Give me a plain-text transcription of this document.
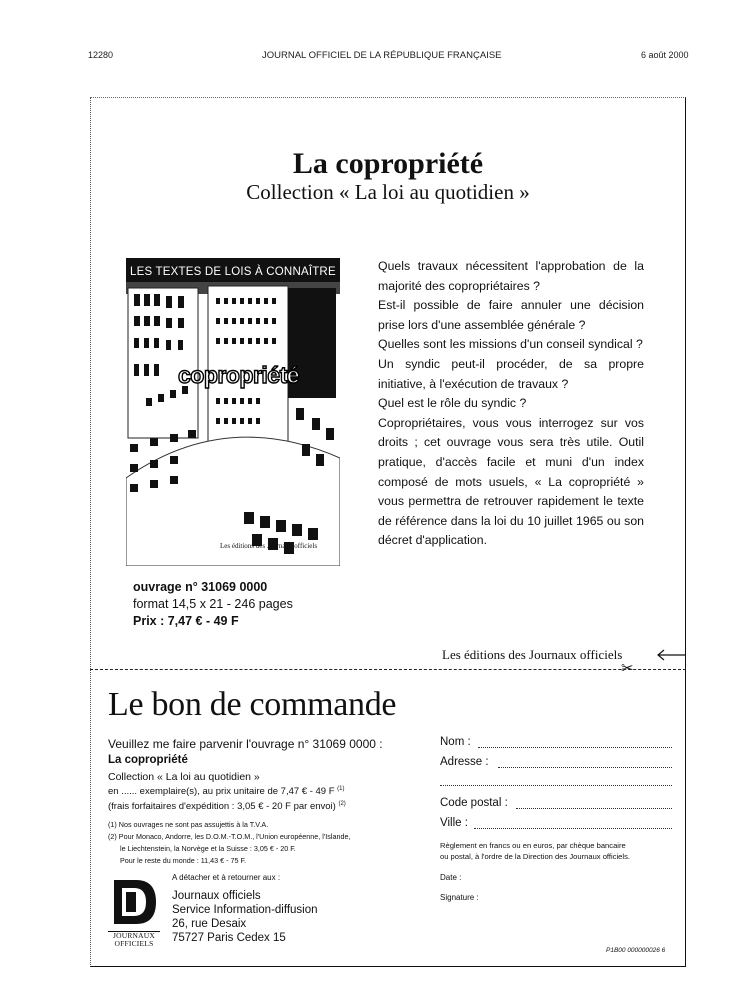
12280	JOURNAL OFFICIEL DE LA RÉPUBLIQUE FRANÇAISE	6 août 2000
La copropriété
Collection « La loi au quotidien »
LES TEXTES DE LOIS À CONNAÎTRE
copropriété
Les éditions des Journaux officiels

Quels travaux nécessitent l'approbation de la majorité des copropriétaires ?

Est-il possible de faire annuler une décision prise lors d'une assemblée générale ?

Quelles sont les missions d'un conseil syndical ?

Un syndic peut-il procéder, de sa propre initiative, à l'exécution de travaux ?

Quel est le rôle du syndic ?

Copropriétaires, vous vous interrogez sur vos droits ; cet ouvrage vous sera très utile. Outil pratique, d'accès facile et muni d'un index composé de mots usuels, « La copropriété » vous permettra de retrouver rapidement le texte de référence dans la loi du 10 juillet 1965 ou son décret d'application.

ouvrage n° 31069 0000
format 14,5 x 21 - 246 pages
Prix : 7,47 € - 49 F
Les éditions des Journaux officiels
✂
Le bon de commande
Veuillez me faire parvenir l'ouvrage n° 31069 0000 :
La copropriété
Collection « La loi au quotidien »
en ...... exemplaire(s), au prix unitaire de 7,47 € - 49 F $^{(1)}$
(frais forfaitaires d'expédition : 3,05 € - 20 F par envoi) $^{(2)}$
(1) Nos ouvrages ne sont pas assujettis à la T.V.A.
(2) Pour Monaco, Andorre, les D.O.M.-T.O.M., l'Union européenne, l'Islande,
le Liechtenstein, la Norvège et la Suisse : 3,05 € - 20 F.
Pour le reste du monde : 11,43 € - 75 F.
A détacher et à retourner aux :
JOURNAUX
OFFICIELS
Journaux officiels
Service Information-diffusion
26, rue Desaix
75727 Paris Cedex 15
Nom :
Adresse :
Code postal :
Ville :
Règlement en francs ou en euros, par chèque bancaire
ou postal, à l'ordre de la Direction des Journaux officiels.
Date :
Signature :
P1B00 000000026 6
